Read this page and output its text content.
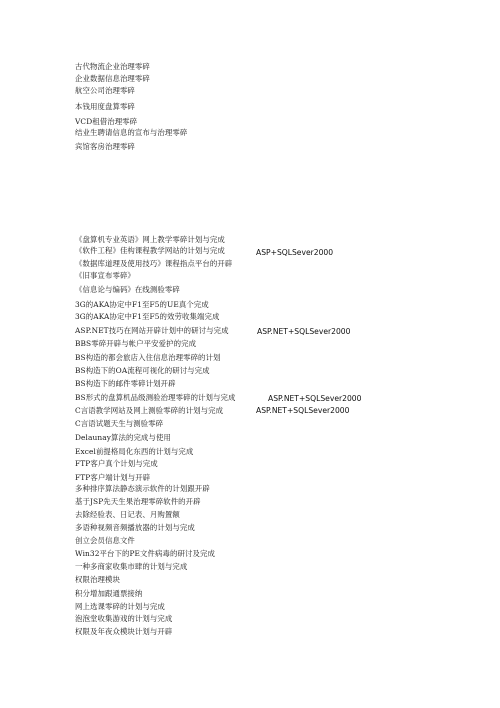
古代物流企业治理零碎
企业数据信息治理零碎
航空公司治理零碎
本钱用度盘算零碎
VCD租借治理零碎
结业生聘请信息的宣布与治理零碎
宾馆客房治理零碎
《盘算机专业英语》网上教学零碎计划与完成
《软件工程》佳构课程教学网站的计划与完成
《数据库道理及使用技巧》课程指点平台的开辟
《旧事宣布零碎》
《信息论与编码》在线测验零碎
3G的AKA协定中F1至F5的UE真个完成
3G的AKA协定中F1至F5的效劳收集端完成
ASP.NET技巧在网站开辟计划中的研讨与完成
BBS零碎开辟与帐户平安爱护的完成
BS构造的都会旅店入住信息治理零碎的计划
BS构造下的OA流程可视化的研讨与完成
BS构造下的邮件零碎计划开辟
BS形式的盘算机品级测验治理零碎的计划与完成
C言语教学网站及网上测验零碎的计划与完成
C言语试题天生与测验零碎
Delaunay算法的完成与使用
Excel前提格局化东西的计划与完成
FTP客户真个计划与完成
FTP客户端计划与开辟
多种排序算法静态演示软件的计划跟开辟
基于JSP先天生果治理零碎软件的开辟
去除经验表、日记表、月购置额
多语种视频音频播放器的计划与完成
创立会员信息文件
Win32平台下的PE文件病毒的研讨及完成
一种多商家收集市肆的计划与完成
权限治理模块
积分增加跟通票接纳
网上选课零碎的计划与完成
泡泡堂收集游戏的计划与完成
权限及年夜众模块计划与开辟
ASP+SQLSever2000
ASP.NET+SQLSever2000
ASP.NET+SQLSever2000
ASP.NET+SQLSever2000
